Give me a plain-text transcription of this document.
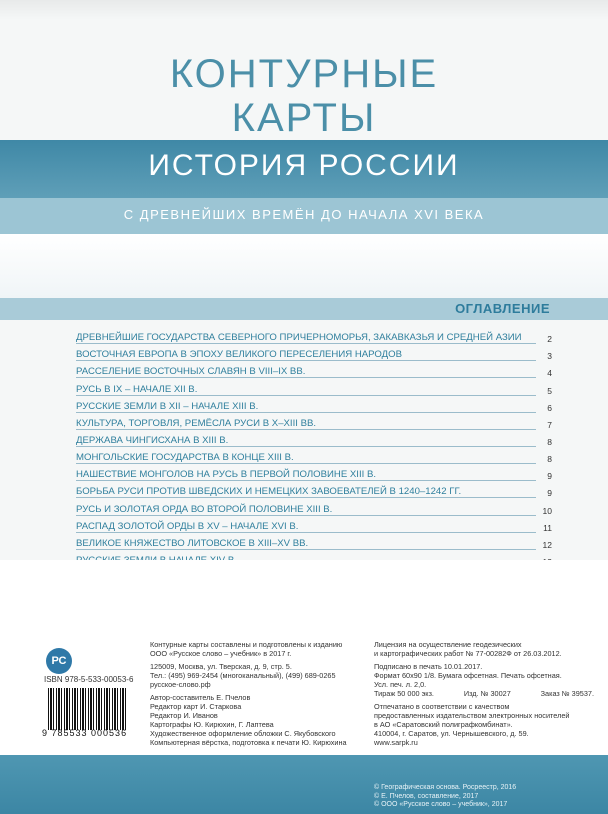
КОНТУРНЫЕ
КАРТЫ
ИСТОРИЯ РОССИИ
С ДРЕВНЕЙШИХ ВРЕМЁН ДО НАЧАЛА XVI ВЕКА
ОГЛАВЛЕНИЕ
ДРЕВНЕЙШИЕ ГОСУДАРСТВА СЕВЕРНОГО ПРИЧЕРНОМОРЬЯ, ЗАКАВКАЗЬЯ И СРЕДНЕЙ АЗИИ	2
ВОСТОЧНАЯ ЕВРОПА В ЭПОХУ ВЕЛИКОГО ПЕРЕСЕЛЕНИЯ НАРОДОВ	3
РАССЕЛЕНИЕ ВОСТОЧНЫХ СЛАВЯН В VIII–IX ВВ.	4
РУСЬ В IX – НАЧАЛЕ XII В.	5
РУССКИЕ ЗЕМЛИ В XII – НАЧАЛЕ XIII В.	6
КУЛЬТУРА, ТОРГОВЛЯ, РЕМЁСЛА РУСИ В X–XIII ВВ.	7
ДЕРЖАВА ЧИНГИСХАНА В XIII В.	8
МОНГОЛЬСКИЕ ГОСУДАРСТВА В КОНЦЕ XIII В.	8
НАШЕСТВИЕ МОНГОЛОВ НА РУСЬ В ПЕРВОЙ ПОЛОВИНЕ XIII В.	9
БОРЬБА РУСИ ПРОТИВ ШВЕДСКИХ И НЕМЕЦКИХ ЗАВОЕВАТЕЛЕЙ В 1240–1242 ГГ.	9
РУСЬ И ЗОЛОТАЯ ОРДА ВО ВТОРОЙ ПОЛОВИНЕ XIII В.	10
РАСПАД ЗОЛОТОЙ ОРДЫ В XV – НАЧАЛЕ XVI В.	11
ВЕЛИКОЕ КНЯЖЕСТВО ЛИТОВСКОЕ В XIII–XV ВВ.	12
РС
ISBN 978-5-533-00053-6
9 785533 000536
Контурные карты составлены и подготовлены к изданию
ООО «Русское слово – учебник» в 2017 г.
125009, Москва, ул. Тверская, д. 9, стр. 5.
Тел.: (495) 969-2454 (многоканальный), (499) 689-0265
русское-слово.рф
Автор-составитель Е. Пчелов
Редактор карт И. Старкова
Редактор И. Иванов
Картографы Ю. Кирюхин, Г. Лаптева
Художественное оформление обложки С. Якубовского
Компьютерная вёрстка, подготовка к печати Ю. Кирюхина
Лицензия на осуществление геодезических
и картографических работ № 77-00282Ф от 26.03.2012.
Подписано в печать 10.01.2017.
Формат 60х90 1/8. Бумага офсетная. Печать офсетная.
Усл. печ. л. 2,0.
Тираж 50 000 экз.	Изд. № 30027	Заказ № 39537.
Отпечатано в соответствии с качеством
предоставленных издательством электронных носителей
в АО «Саратовский полиграфкомбинат».
410004, г. Саратов, ул. Чернышевского, д. 59.
www.sarpk.ru
© Географическая основа. Росреестр, 2016
© Е. Пчелов, составление, 2017
© ООО «Русское слово – учебник», 2017
